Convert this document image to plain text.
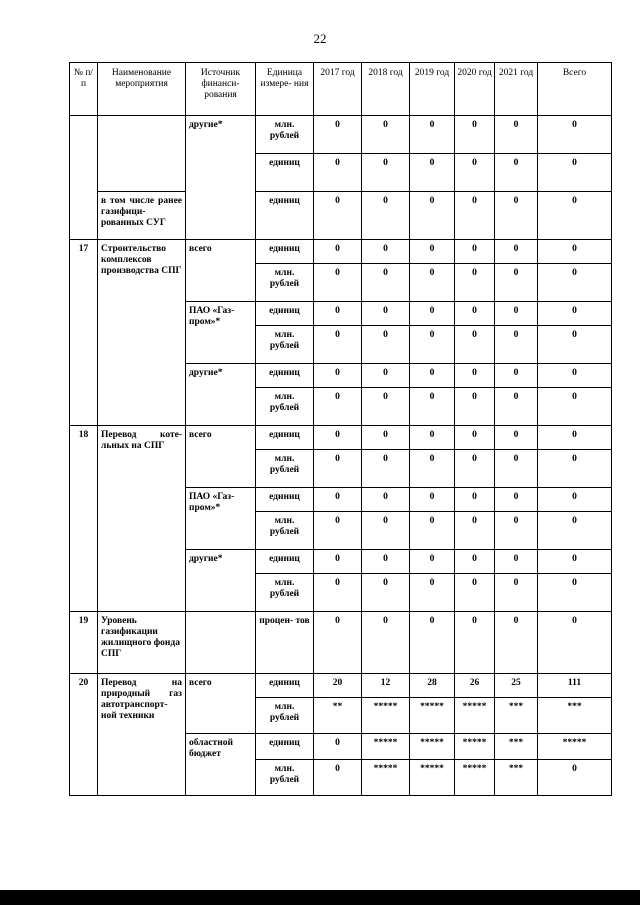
22
№ п/п	Наименование мероприятия	Источник финанси- рования	Единица измере- ния	2017 год	2018 год	2019 год	2020 год	2021 год	Всего
		другие*	млн. рублей	0	0	0	0	0	0
			единиц	0	0	0	0	0	0
	в том числе ранее газифици- рованных СУГ		единиц	0	0	0	0	0	0
17	Строительство комплексов производства СПГ	всего	единиц	0	0	0	0	0	0
			млн. рублей	0	0	0	0	0	0
		ПАО «Газ- пром»*	единиц	0	0	0	0	0	0
			млн. рублей	0	0	0	0	0	0
		другие*	единиц	0	0	0	0	0	0
			млн. рублей	0	0	0	0	0	0
18	Перевод коте- льных на СПГ	всего	единиц	0	0	0	0	0	0
			млн. рублей	0	0	0	0	0	0
		ПАО «Газ- пром»*	единиц	0	0	0	0	0	0
			млн. рублей	0	0	0	0	0	0
		другие*	единиц	0	0	0	0	0	0
			млн. рублей	0	0	0	0	0	0
19	Уровень газификации жилищного фонда СПГ		процен- тов	0	0	0	0	0	0
20	Перевод на природный газ автотранспорт- ной техники	всего	единиц	20	12	28	26	25	111
			млн. рублей	**	*****	*****	*****	***	***
		областной бюджет	единиц	0	*****	*****	*****	***	*****
			млн. рублей	0	*****	*****	*****	***	0
